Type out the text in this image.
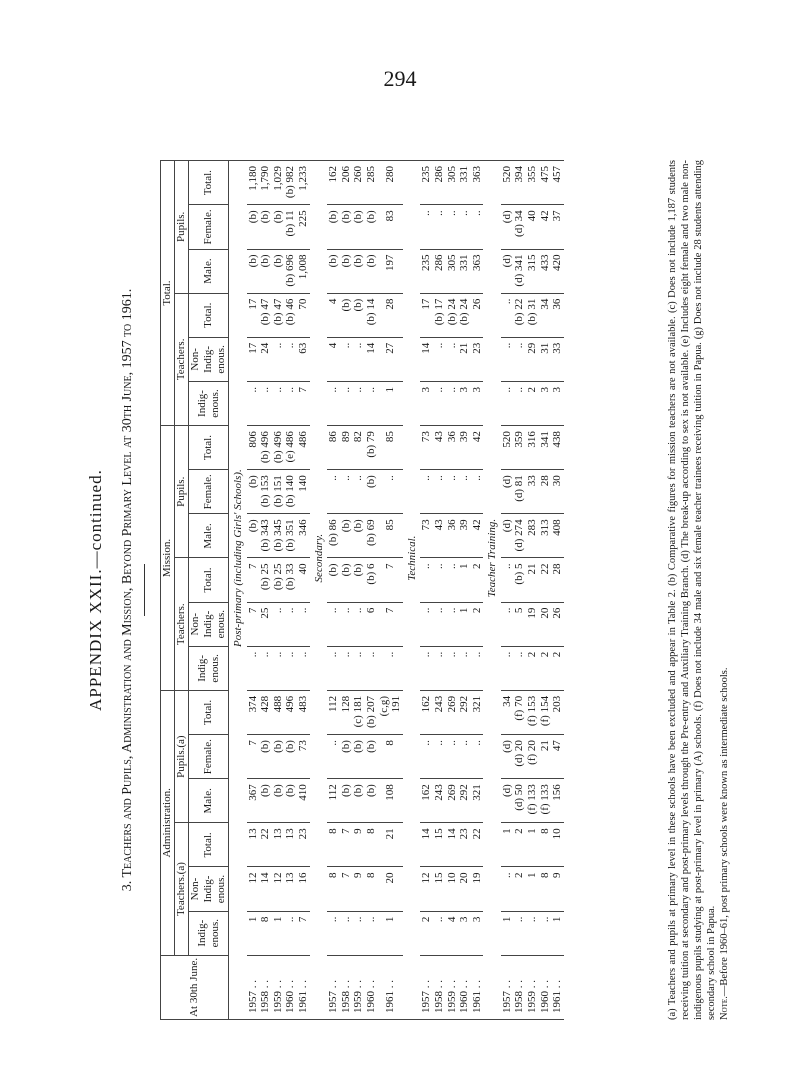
294
APPENDIX XXII.—continued. 3. Teachers and Pupils, Administration and Mission, Beyond Primary Level at 30th June, 1957 to 1961.
At 30th June.	Administration.						Mission.						Total.					
	Teachers.(a)			Pupils.(a)			Teachers.			Pupils.			Teachers.			Pupils.		
	Indig-enous.	Non-Indig-enous.	Total.	Male.	Female.	Total.	Indig-enous.	Non-Indig-enous.	Total.	Male.	Female.	Total.	Indig-enous.	Non-Indig-enous.	Total.	Male.	Female.	Total.
	Post-primary (including Girls' Schools).																	
1957 . .	1	12	13	367	7	374	..	7	7	(b)	(b)	806	..	17	17	(b)	(b)	1,180
1958 . .	8	14	22	(b)	(b)	428	..	25	(b) 25	(b) 343	(b) 153	(b) 496	..	24	(b) 47	(b)	(b)	1,790
1959 . .	1	12	13	(b)	(b)	488	..	..	(b) 25	(b) 345	(b) 151	(b) 496	..	..	(b) 47	(b)	(b)	1,029
1960 . .	..	13	13	(b)	(b)	496	..	..	(b) 33	(b) 351	(b) 140	(e) 486	..	..	(b) 46	(b) 696	(b) 11	(b) 982
1961 . .	7	16	23	410	73	483	..	..	40	346	140	486	7	63	70	1,008	225	1,233
	Secondary.																	
1957 . .	..	8	8	112	..	112	..	..	(b)	(b) 86	..	86	..	4	4	(b)	(b)	162
1958 . .	..	7	7	(b)	(b)	128	..	..	(b)	(b)	..	89	..	..	(b)	(b)	(b)	206
1959 . .	..	9	9	(b)	(b)	(c) 181	..	..	(b)	(b)	..	82	..	..	(b)	(b)	(b)	260
1960 . .	..	8	8	(b)	(b)	(b) 207	..	6	(b) 6	(b) 69	(b)	(b) 79	..	14	(b) 14	(b)	(b)	285
1961 . .	1	20	21	108	8	(c,g) 191	..	7	7	85	..	85	1	27	28	197	83	280
	Technical.																	
1957 . .	2	12	14	162	..	162	..	..	..	73	..	73	3	14	17	235	..	235
1958 . .	..	15	15	243	..	243	..	..	..	43	..	43	..	..	(b) 17	286	..	286
1959 . .	4	10	14	269	..	269	..	..	..	36	..	36	..	..	(b) 24	305	..	305
1960 . .	3	20	23	292	..	292	..	1	1	39	..	39	3	21	(b) 24	331	..	331
1961 . .	3	19	22	321	..	321	..	2	2	42	..	42	3	23	26	363	..	363
	Teacher Training.																	
1957 . .	1	..	1	(d)	(d)	34	..	..	..	(d)	(d)	520	..	..	..	(d)	(d)	520
1958 . .	..	2	2	(d) 50	(d) 20	(f) 70	..	5	(b) 5	(d) 274	(d) 81	359	..	..	(b) 22	(d) 341	(d) 34	394
1959 . .	..	1	1	(f) 133	(f) 20	(f) 153	2	19	21	283	33	316	2	29	(b) 31	315	40	355
1960 . .	..	8	8	(f) 133	21	(f) 154	2	20	22	313	28	341	3	31	34	433	42	475
1961 . .	1	9	10	156	47	203	2	26	28	408	30	438	3	33	36	420	37	457	(a) Teachers and pupils at primary level in these schools have been excluded and appear in Table 2. (b) Comparative figures for mission teachers are not available. (c) Does not include 1,187 students receiving tuition at secondary and post-primary levels through the Pre-entry and Auxiliary Training Branch. (d) The break-up according to sex is not available. (e) Includes eight female and two male non-indigenous pupils studying at post-primary level in primary (A) schools. (f) Does not include 34 male and six female teacher trainees receiving tuition in Papua. (g) Does not include 28 students attending secondary school in Papua. Note.—Before 1960–61, post primary schools were known as intermediate schools.
